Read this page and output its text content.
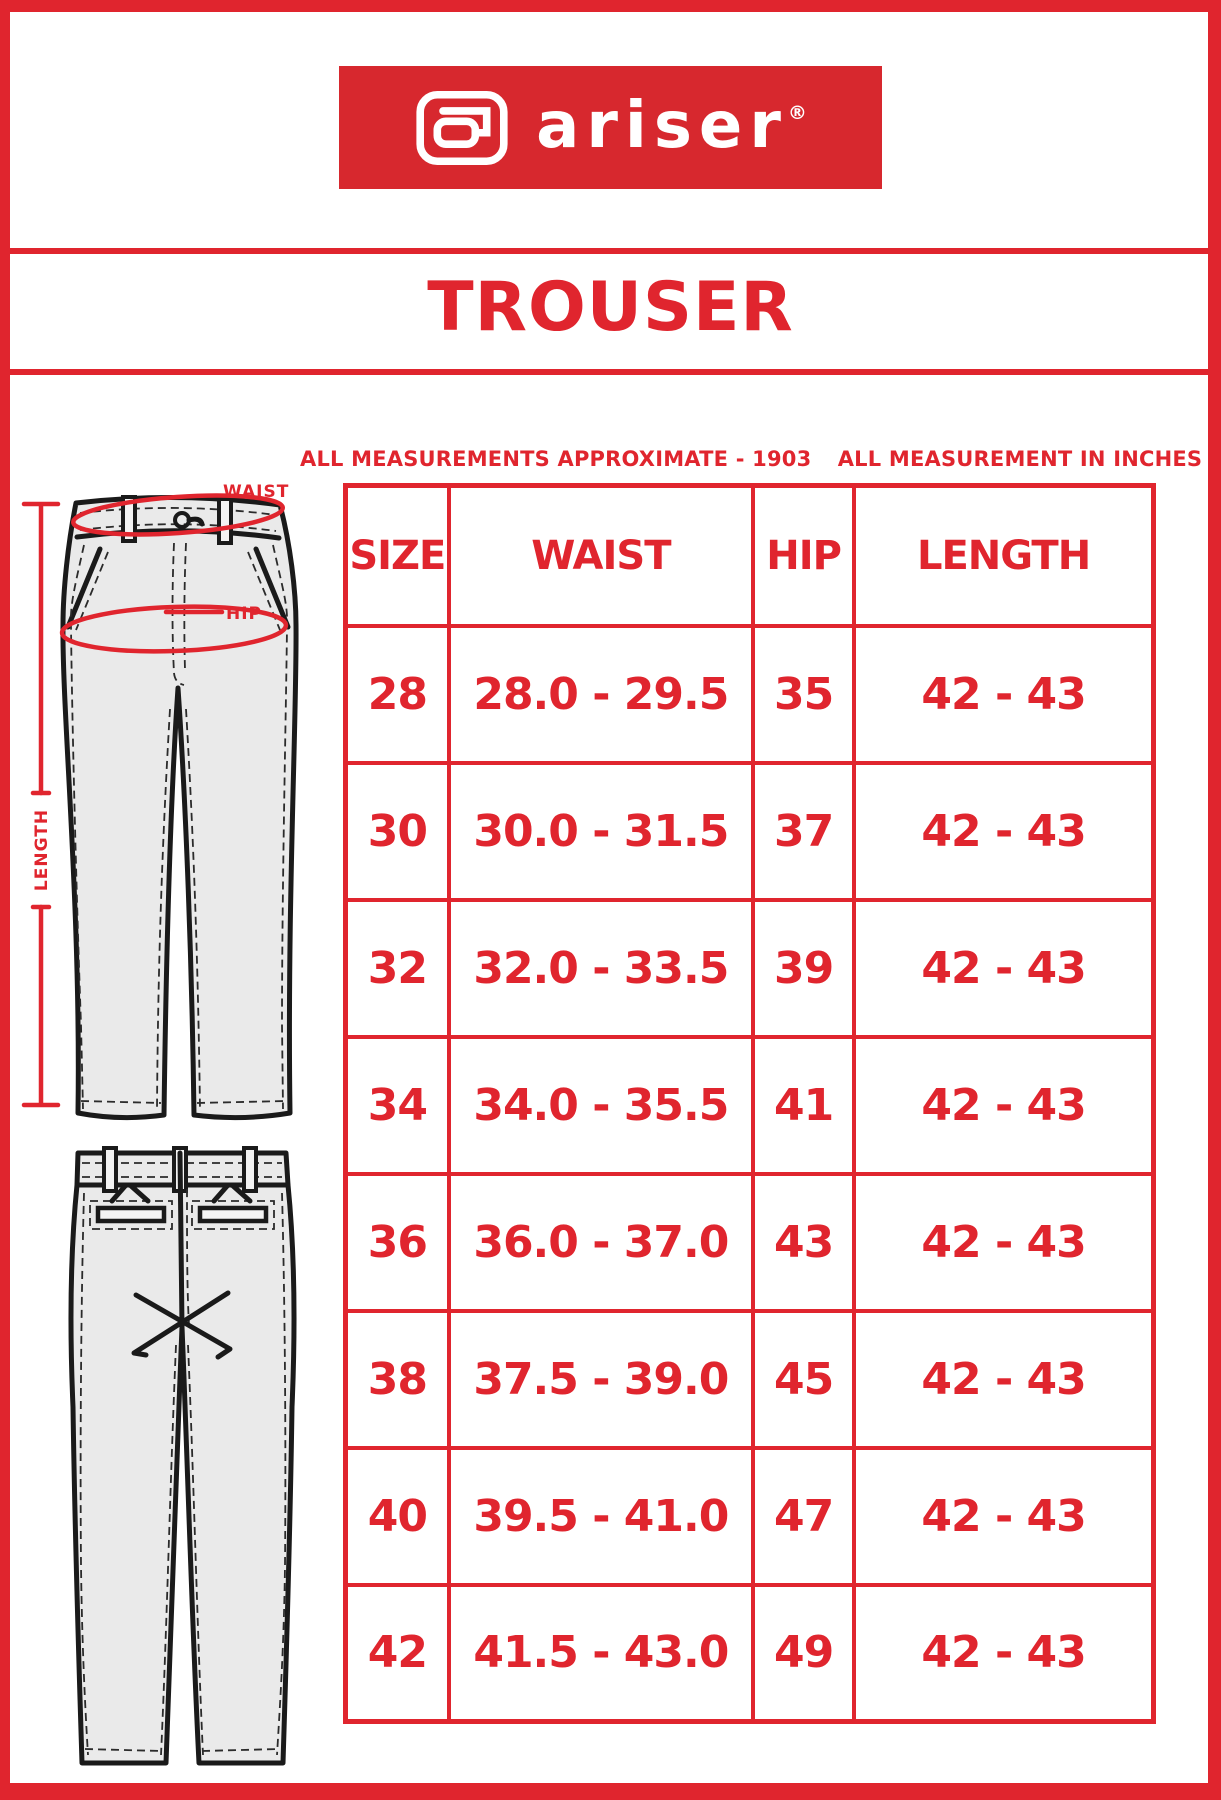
ariser®
TROUSER
ALL MEASUREMENTS APPROXIMATE - 1903	ALL MEASUREMENT IN INCHES
WAIST
HIP
LENGTH
SIZE	WAIST	HIP	LENGTH
28	28.0 - 29.5	35	42 - 43
30	30.0 - 31.5	37	42 - 43
32	32.0 - 33.5	39	42 - 43
34	34.0 - 35.5	41	42 - 43
36	36.0 - 37.0	43	42 - 43
38	37.5 - 39.0	45	42 - 43
40	39.5 - 41.0	47	42 - 43
42	41.5 - 43.0	49	42 - 43
